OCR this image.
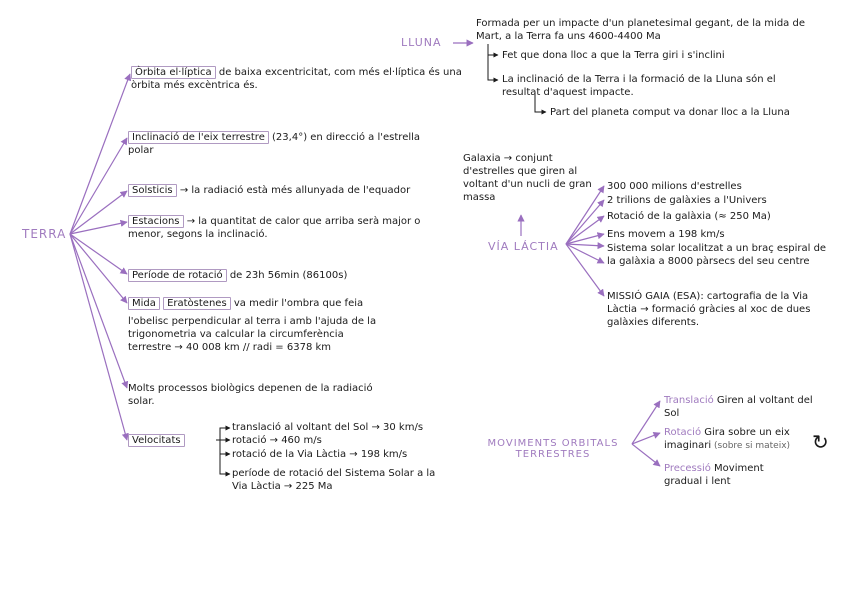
TERRA
Òrbita el·líptica de baixa excentricitat, com més el·líptica és una òrbita més excèntrica és.
Inclinació de l'eix terrestre (23,4°) en direcció a l'estrella polar
Solsticis → la radiació està més allunyada de l'equador
Estacions → la quantitat de calor que arriba serà major o menor, segons la inclinació.
Període de rotació de 23h 56min (86100s)
Mida Eratòstenes va medir l'ombra que feia
l'obelisc perpendicular al terra i amb l'ajuda de la trigonometria va calcular la circumferència
terrestre → 40 008 km // radi = 6378 km
Molts processos biològics depenen de la radiació solar.
Velocitats
translació al voltant del Sol → 30 km/s
rotació → 460 m/s
rotació de la Via Làctia → 198 km/s
període de rotació del Sistema Solar a la Via Làctia → 225 Ma
LLUNA
Formada per un impacte d'un planetesimal gegant, de la mida de Mart, a la Terra fa uns 4600-4400 Ma
Fet que dona lloc a que la Terra giri i s'inclini
La inclinació de la Terra i la formació de la Lluna són el resultat d'aquest impacte.
Part del planeta comput va donar lloc a la Lluna
Galaxia → conjunt d'estrelles que giren al voltant d'un nucli de gran massa
VÍA LÁCTIA
300 000 milions d'estrelles
2 trilions de galàxies a l'Univers
Rotació de la galàxia (≈ 250 Ma)
Ens movem a 198 km/s
Sistema solar localitzat a un braç espiral de la galàxia a 8000 pàrsecs del seu centre
MISSIÓ GAIA (ESA): cartografia de la Via Làctia → formació gràcies al xoc de dues galàxies diferents.
MOVIMENTS ORBITALS
TERRESTRES
Translació Giren al voltant del Sol
Rotació Gira sobre un eix imaginari (sobre si mateix)	↻
Precessió Moviment gradual i lent
